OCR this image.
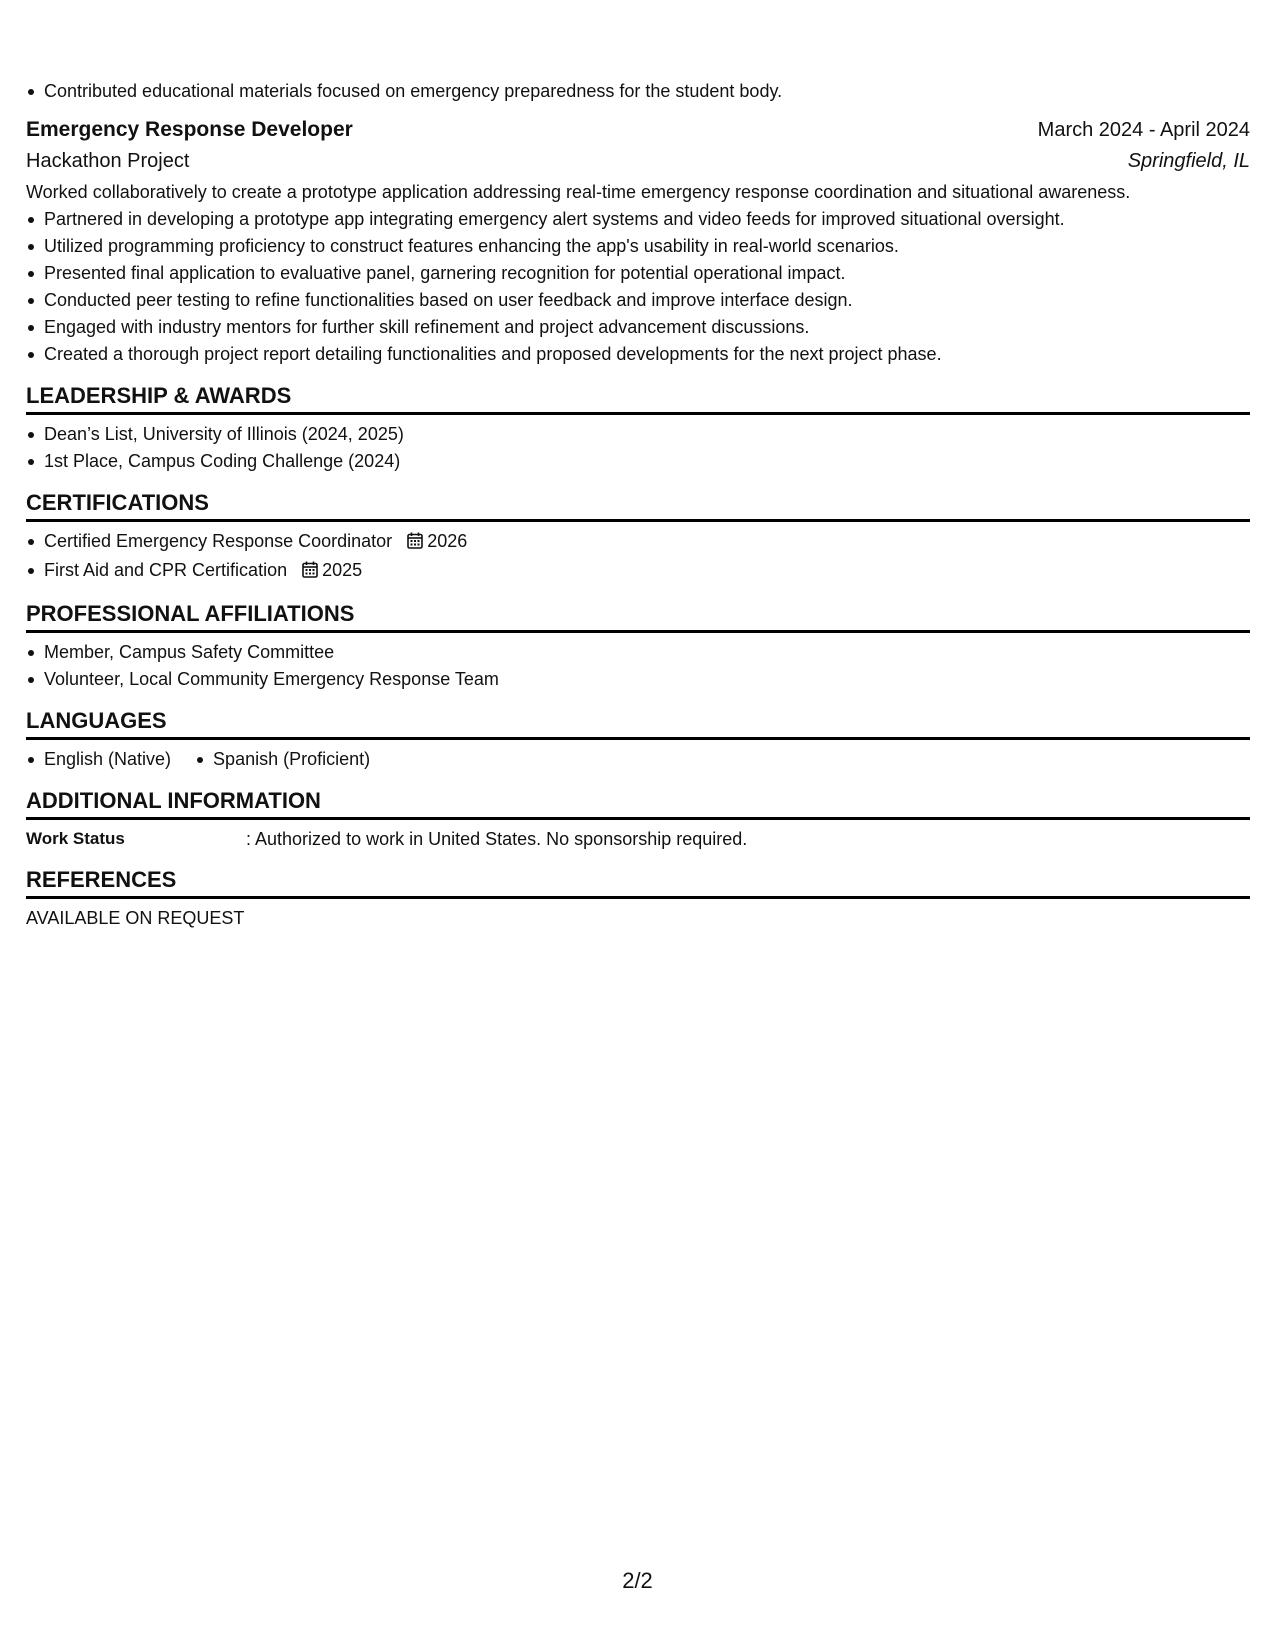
Contributed educational materials focused on emergency preparedness for the student body.
Emergency Response Developer	March 2024 - April 2024
Hackathon Project	Springfield, IL
Worked collaboratively to create a prototype application addressing real-time emergency response coordination and situational awareness.
Partnered in developing a prototype app integrating emergency alert systems and video feeds for improved situational oversight.
Utilized programming proficiency to construct features enhancing the app's usability in real-world scenarios.
Presented final application to evaluative panel, garnering recognition for potential operational impact.
Conducted peer testing to refine functionalities based on user feedback and improve interface design.
Engaged with industry mentors for further skill refinement and project advancement discussions.
Created a thorough project report detailing functionalities and proposed developments for the next project phase.
LEADERSHIP & AWARDS
Dean’s List, University of Illinois (2024, 2025)
1st Place, Campus Coding Challenge (2024)
CERTIFICATIONS
Certified Emergency Response Coordinator 2026
First Aid and CPR Certification 2025
PROFESSIONAL AFFILIATIONS
Member, Campus Safety Committee
Volunteer, Local Community Emergency Response Team
LANGUAGES
English (Native)	Spanish (Proficient)
ADDITIONAL INFORMATION
Work Status	: Authorized to work in United States. No sponsorship required.
REFERENCES
AVAILABLE ON REQUEST
2/2
